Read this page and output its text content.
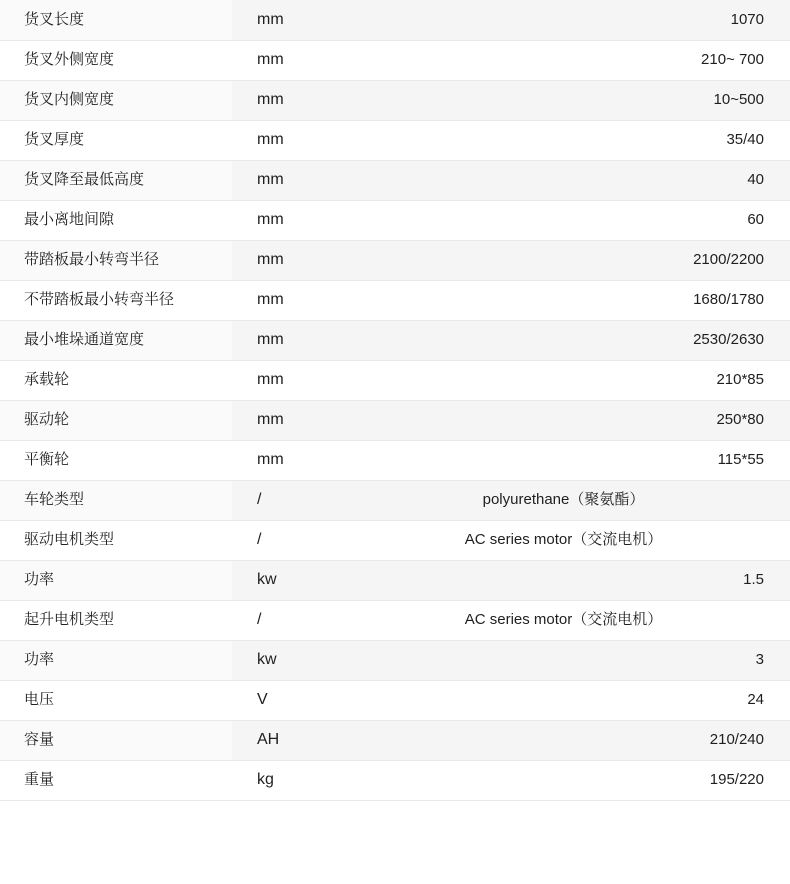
货叉长度	mm	1070
货叉外侧宽度	mm	210~ 700
货叉内侧宽度	mm	10~500
货叉厚度	mm	35/40
货叉降至最低高度	mm	40
最小离地间隙	mm	60
带踏板最小转弯半径	mm	2100/2200
不带踏板最小转弯半径	mm	1680/1780
最小堆垛通道宽度	mm	2530/2630
承载轮	mm	210*85
驱动轮	mm	250*80
平衡轮	mm	115*55
车轮类型	/	polyurethane（聚氨酯）
驱动电机类型	/	AC series motor（交流电机）
功率	kw	1.5
起升电机类型	/	AC series motor（交流电机）
功率	kw	3
电压	V	24
容量	AH	210/240
重量	kg	195/220
